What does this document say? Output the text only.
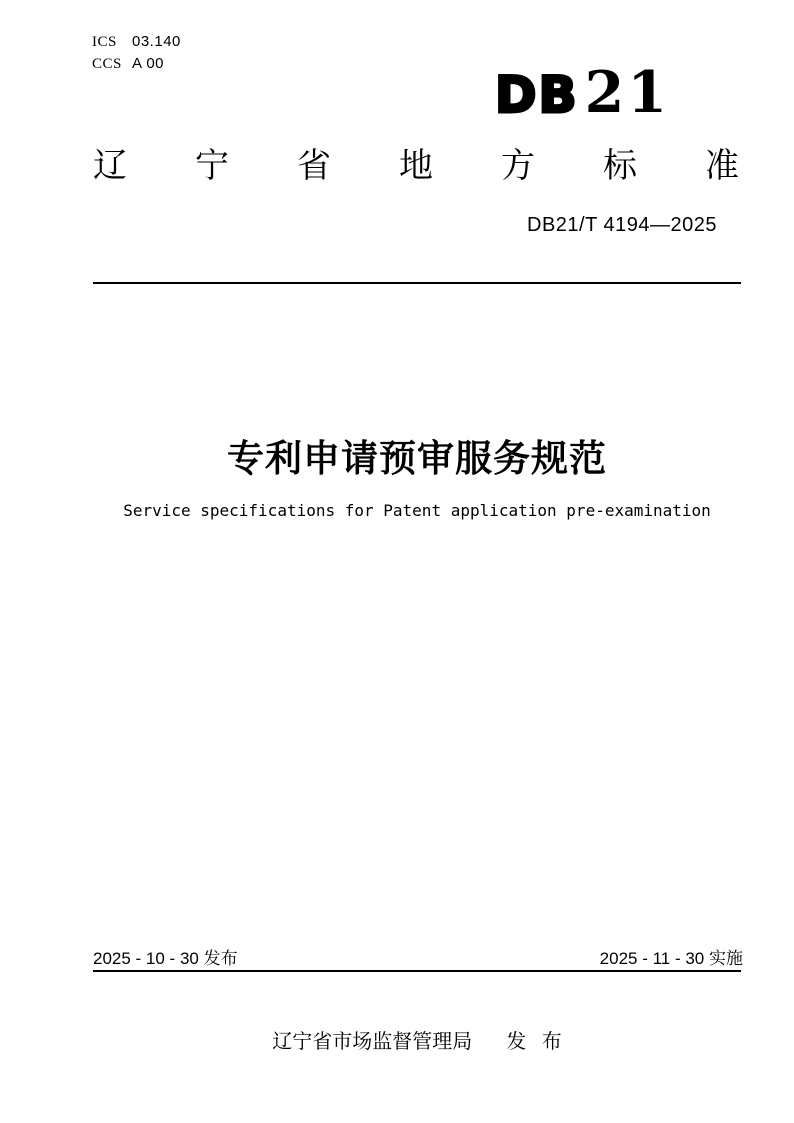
ICS 03.140
CCS A 00
DB 21
辽 宁 省 地 方 标 准
DB21/T 4194—2025
专利申请预审服务规范
Service specifications for Patent application pre-examination
2025 - 10 - 30 发布	2025 - 11 - 30 实施
辽宁省市场监督管理局 发 布
